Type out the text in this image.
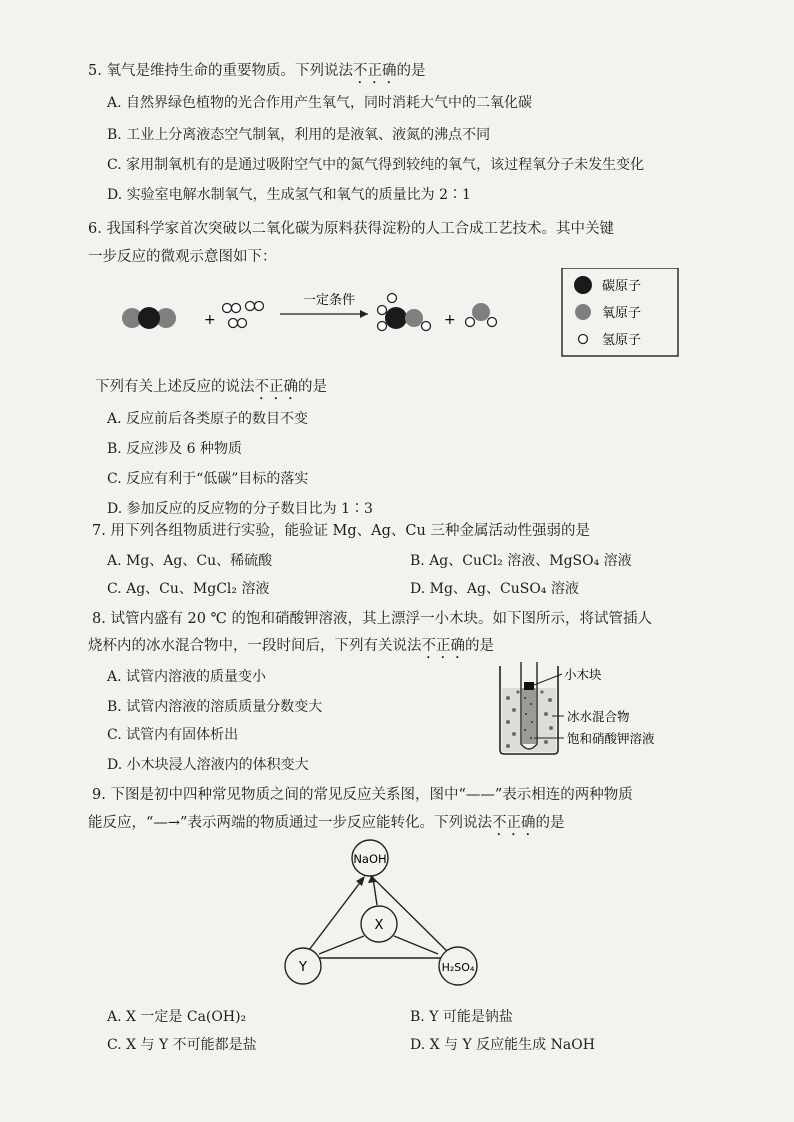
5. 氧气是维持生命的重要物质。下列说法不正确的是
A. 自然界绿色植物的光合作用产生氧气，同时消耗大气中的二氧化碳
B. 工业上分离液态空气制氧，利用的是液氧、液氮的沸点不同
C. 家用制氧机有的是通过吸附空气中的氮气得到较纯的氧气，该过程氧分子未发生变化
D. 实验室电解水制氧气，生成氢气和氧气的质量比为 2∶1
6. 我国科学家首次突破以二氧化碳为原料获得淀粉的人工合成工艺技术。其中关键
一步反应的微观示意图如下：
+
一定条件
+
碳原子
氧原子
氢原子
下列有关上述反应的说法不正确的是
A. 反应前后各类原子的数目不变
B. 反应涉及 6 种物质
C. 反应有利于“低碳”目标的落实
D. 参加反应的反应物的分子数目比为 1∶3
7. 用下列各组物质进行实验，能验证 Mg、Ag、Cu 三种金属活动性强弱的是
A. Mg、Ag、Cu、稀硫酸	B. Ag、CuCl₂ 溶液、MgSO₄ 溶液
C. Ag、Cu、MgCl₂ 溶液	D. Mg、Ag、CuSO₄ 溶液
8. 试管内盛有 20 ℃ 的饱和硝酸钾溶液，其上漂浮一小木块。如下图所示，将试管插人
烧杯内的冰水混合物中，一段时间后，下列有关说法不正确的是
A. 试管内溶液的质量变小
B. 试管内溶液的溶质质量分数变大
C. 试管内有固体析出
D. 小木块浸人溶液内的体积变大
小木块
冰水混合物
饱和硝酸钾溶液
9. 下图是初中四种常见物质之间的常见反应关系图，图中“——”表示相连的两种物质
能反应，“—→”表示两端的物质通过一步反应能转化。下列说法不正确的是
NaOH
X
Y	H₂SO₄
A. X 一定是 Ca(OH)₂	B. Y 可能是钠盐
C. X 与 Y 不可能都是盐	D. X 与 Y 反应能生成 NaOH
